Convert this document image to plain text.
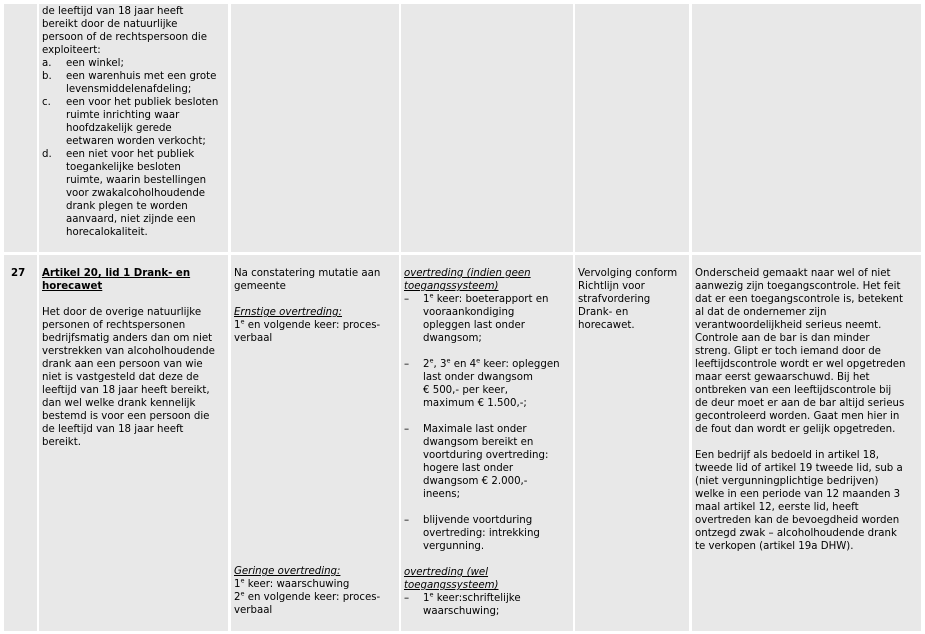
de leeftijd van 18 jaar heeft
bereikt door de natuurlijke
persoon of de rechtspersoon die
exploiteert:
a. een winkel;
b. een warenhuis met een grote
levensmiddelenafdeling;
c. een voor het publiek besloten
ruimte inrichting waar
hoofdzakelijk gerede
eetwaren worden verkocht;
d. een niet voor het publiek
toegankelijke besloten
ruimte, waarin bestellingen
voor zwakalcoholhoudende
drank plegen te worden
aanvaard, niet zijnde een
horecalokaliteit.
27 Artikel 20, lid 1 Drank- en
horecawet
Het door de overige natuurlijke
personen of rechtspersonen
bedrijfsmatig anders dan om niet
verstrekken van alcoholhoudende
drank aan een persoon van wie
niet is vastgesteld dat deze de
leeftijd van 18 jaar heeft bereikt,
dan wel welke drank kennelijk
bestemd is voor een persoon die
de leeftijd van 18 jaar heeft
bereikt.
Na constatering mutatie aan
gemeente
Ernstige overtreding:
1e en volgende keer: proces-
verbaal
Geringe overtreding:
1e keer: waarschuwing
2e en volgende keer: proces-
verbaal
overtreding (indien geen
toegangssysteem)
– 1e keer: boeterapport en
vooraankondiging
opleggen last onder
dwangsom;
– 2e, 3e en 4e keer: opleggen
last onder dwangsom
€ 500,- per keer,
maximum € 1.500,-;
– Maximale last onder
dwangsom bereikt en
voortduring overtreding:
hogere last onder
dwangsom € 2.000,-
ineens;
– blijvende voortduring
overtreding: intrekking
vergunning.
overtreding (wel
toegangssysteem)
– 1e keer:schriftelijke
waarschuwing;
Vervolging conform
Richtlijn voor
strafvordering
Drank- en
horecawet.
Onderscheid gemaakt naar wel of niet
aanwezig zijn toegangscontrole. Het feit
dat er een toegangscontrole is, betekent
al dat de ondernemer zijn
verantwoordelijkheid serieus neemt.
Controle aan de bar is dan minder
streng. Glipt er toch iemand door de
leeftijdscontrole wordt er wel opgetreden
maar eerst gewaarschuwd. Bij het
ontbreken van een leeftijdscontrole bij
de deur moet er aan de bar altijd serieus
gecontroleerd worden. Gaat men hier in
de fout dan wordt er gelijk opgetreden.
Een bedrijf als bedoeld in artikel 18,
tweede lid of artikel 19 tweede lid, sub a
(niet vergunningplichtige bedrijven)
welke in een periode van 12 maanden 3
maal artikel 12, eerste lid, heeft
overtreden kan de bevoegdheid worden
ontzegd zwak – alcoholhoudende drank
te verkopen (artikel 19a DHW).
